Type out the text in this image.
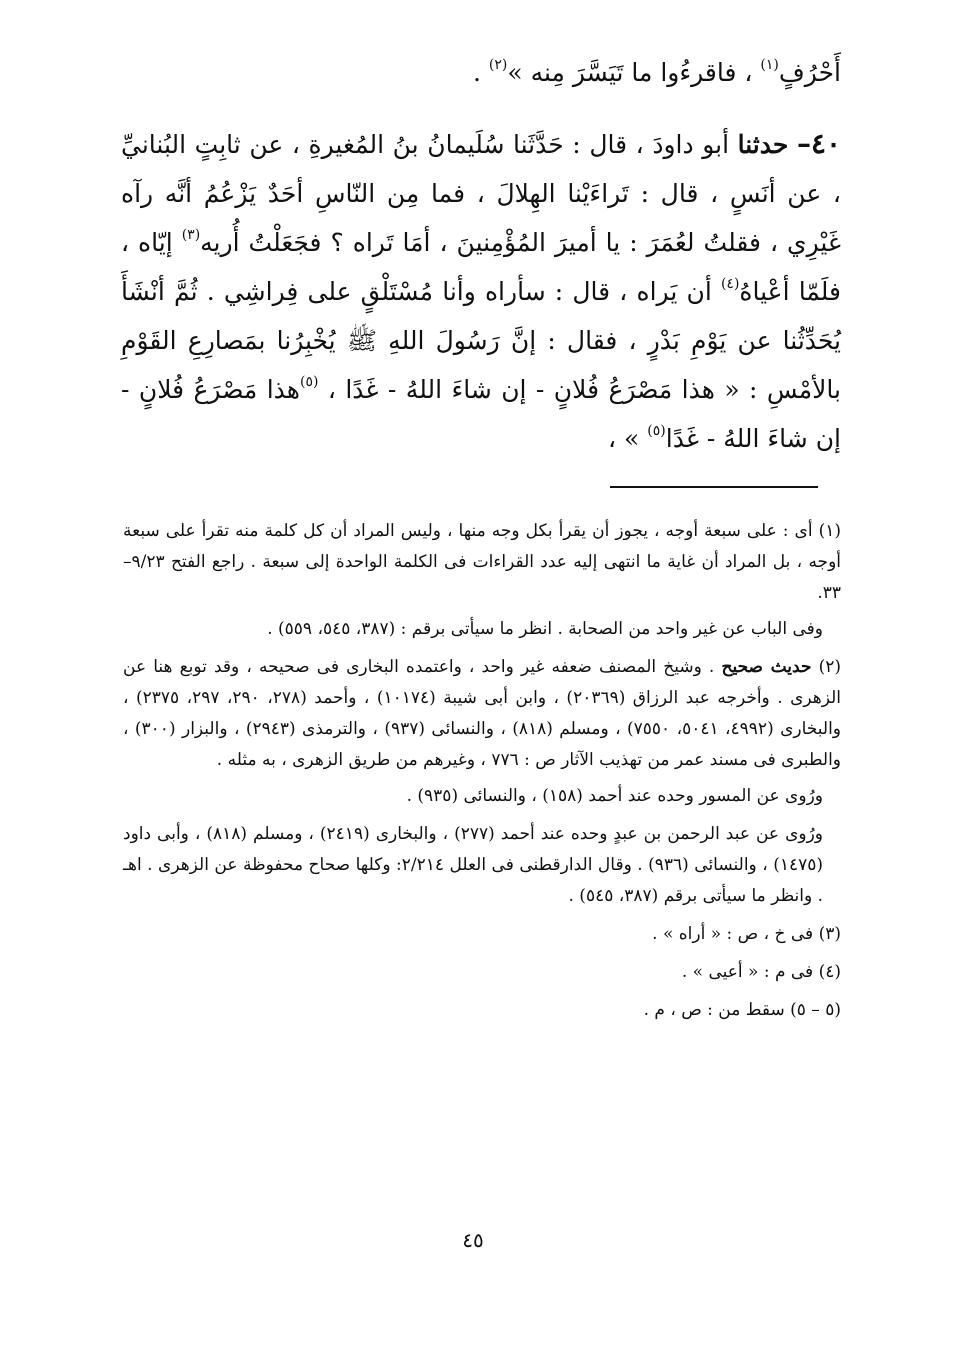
أَحْرُفٍ$^{(١)}$ ، فاقرءُوا ما تَيَسَّرَ مِنه »$^{(٢)}$ .

٤٠– حدثنا أبو داودَ ، قال : حَدَّثَنا سُلَيمانُ بنُ المُغيرةِ ، عن ثابِتٍ البُنانيِّ ، عن أنَسٍ ، قال : تَراءَيْنا الهِلالَ ، فما مِن النّاسِ أحَدٌ يَزْعُمُ أنَّه رآه غَيْرِي ، فقلتُ لعُمَرَ : يا أميرَ المُؤْمِنينَ ، أمَا تَراه ؟ فجَعَلْتُ أُريه$^{(٣)}$ إيّاه ، فلَمّا أعْياهُ$^{(٤)}$ أن يَراه ، قال : سأراه وأنا مُسْتَلْقٍ على فِراشِي . ثُمَّ أنْشَأَ يُحَدِّثُنا عن يَوْمِ بَدْرٍ ، فقال : إنَّ رَسُولَ اللهِ ﷺ يُخْبِرُنا بمَصارِعِ القَوْمِ بالأمْسِ : « هذا مَصْرَعُ فُلانٍ - إن شاءَ اللهُ - غَدًا ، $^{(٥)}$هذا مَصْرَعُ فُلانٍ - إن شاءَ اللهُ - غَدًا$^{(٥)}$ » ،

(١) أى : على سبعة أوجه ، يجوز أن يقرأ بكل وجه منها ، وليس المراد أن كل كلمة منه تقرأ على سبعة أوجه ، بل المراد أن غاية ما انتهى إليه عدد القراءات فى الكلمة الواحدة إلى سبعة . راجع الفتح ٩/٢٣– ٣٣.

وفى الباب عن غير واحد من الصحابة . انظر ما سيأتى برقم : (٣٨٧، ٥٤٥، ٥٥٩) .

(٢) حديث صحيح . وشيخ المصنف ضعفه غير واحد ، واعتمده البخارى فى صحيحه ، وقد توبع هنا عن الزهرى . وأخرجه عبد الرزاق (٢٠٣٦٩) ، وابن أبى شيبة (١٠١٧٤) ، وأحمد (٢٧٨، ٢٩٠، ٢٩٧، ٢٣٧٥) ، والبخارى (٤٩٩٢، ٥٠٤١، ٧٥٥٠) ، ومسلم (٨١٨) ، والنسائى (٩٣٧) ، والترمذى (٢٩٤٣) ، والبزار (٣٠٠) ، والطبرى فى مسند عمر من تهذيب الآثار ص : ٧٧٦ ، وغيرهم من طريق الزهرى ، به مثله .

ورُوى عن المسور وحده عند أحمد (١٥٨) ، والنسائى (٩٣٥) .

ورُوى عن عبد الرحمن بن عبدٍ وحده عند أحمد (٢٧٧) ، والبخارى (٢٤١٩) ، ومسلم (٨١٨) ، وأبى داود (١٤٧٥) ، والنسائى (٩٣٦) . وقال الدارقطنى فى العلل ٢/٢١٤: وكلها صحاح محفوظة عن الزهرى . اهـ . وانظر ما سيأتى برقم (٣٨٧، ٥٤٥) .

(٣) فى خ ، ص : « أراه » .

(٤) فى م : « أعيى » .

(٥ – ٥) سقط من : ص ، م .

٤٥
